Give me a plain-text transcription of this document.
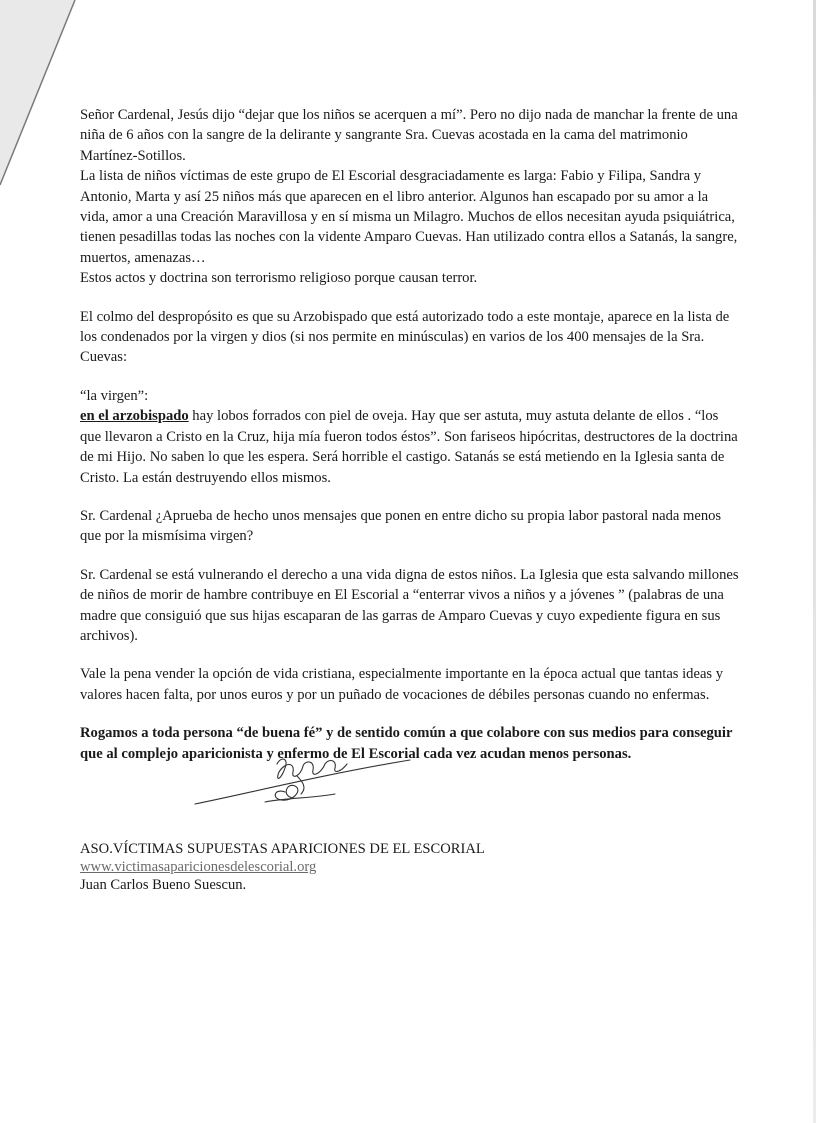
Señor Cardenal, Jesús dijo “dejar que los niños se acerquen a mí”. Pero no dijo nada de manchar la frente de una niña de 6 años con la sangre de la delirante y sangrante Sra. Cuevas acostada en la cama del matrimonio Martínez-Sotillos.

La lista de niños víctimas de este grupo de El Escorial desgraciadamente es larga: Fabio y Filipa, Sandra y Antonio, Marta y así 25 niños más que aparecen en el libro anterior. Algunos han escapado por su amor a la vida, amor a una Creación Maravillosa y en sí misma un Milagro. Muchos de ellos necesitan ayuda psiquiátrica, tienen pesadillas todas las noches con la vidente Amparo Cuevas. Han utilizado contra ellos a Satanás, la sangre, muertos, amenazas…

Estos actos y doctrina son terrorismo religioso porque causan terror.

El colmo del despropósito es que su Arzobispado que está autorizado todo a este montaje, aparece en la lista de los condenados por la virgen y dios (si nos permite en minúsculas) en varios de los 400 mensajes de la Sra. Cuevas:

“la virgen”:

en el arzobispado hay lobos forrados con piel de oveja. Hay que ser astuta, muy astuta delante de ellos . “los que llevaron a Cristo en la Cruz, hija mía fueron todos éstos”. Son fariseos hipócritas, destructores de la doctrina de mi Hijo. No saben lo que les espera. Será horrible el castigo. Satanás se está metiendo en la Iglesia santa de Cristo. La están destruyendo ellos mismos.

Sr. Cardenal ¿Aprueba de hecho unos mensajes que ponen en entre dicho su propia labor pastoral nada menos que por la mismísima virgen?

Sr. Cardenal se está vulnerando el derecho a una vida digna de estos niños. La Iglesia que esta salvando millones de niños de morir de hambre contribuye en El Escorial a “enterrar vivos a niños y a jóvenes ” (palabras de una madre que consiguió que sus hijas escaparan de las garras de Amparo Cuevas y cuyo expediente figura en sus archivos).

Vale la pena vender la opción de vida cristiana, especialmente importante en la época actual que tantas ideas y valores hacen falta, por unos euros y por un puñado de vocaciones de débiles personas cuando no enfermas.

Rogamos a toda persona “de buena fé” y de sentido común a que colabore con sus medios para conseguir que al complejo aparicionista y enfermo de El Escorial cada vez acudan menos personas.

ASO.VÍCTIMAS SUPUESTAS APARICIONES DE EL ESCORIAL
www.victimasaparicionesdelescorial.org
Juan Carlos Bueno Suescun.
